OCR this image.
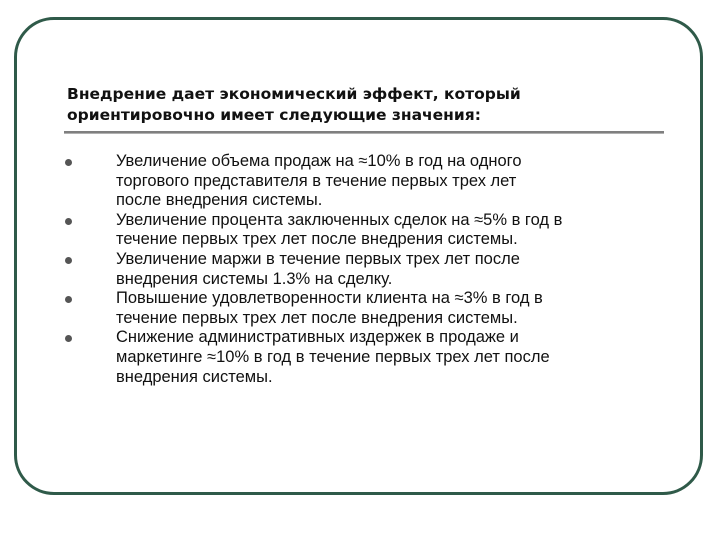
Внедрение дает экономический эффект, который
ориентировочно имеет следующие значения:
Увеличение объема продаж на ≈10% в год на одного
торгового представителя в течение первых трех лет
после внедрения системы.
Увеличение процента заключенных сделок на ≈5% в год в
течение первых трех лет после внедрения системы.
Увеличение маржи в течение первых трех лет после
внедрения системы 1.3% на сделку.
Повышение удовлетворенности клиента на ≈3% в год в
течение первых трех лет после внедрения системы.
Снижение административных издержек в продаже и
маркетинге ≈10% в год в течение первых трех лет после
внедрения системы.
